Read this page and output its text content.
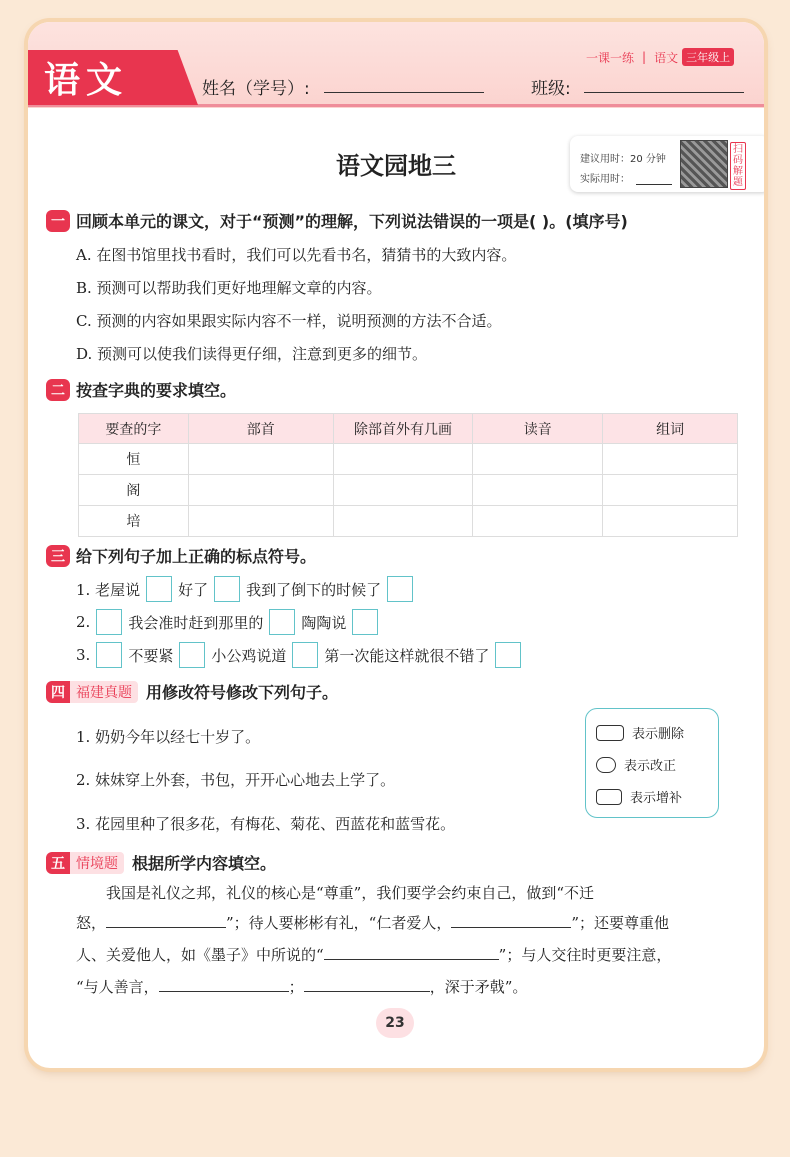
语文
一课一练 | 语文 三年级上
姓名（学号）:	班级:
语文园地三	建议用时：20 分钟
实际用时：
扫码解题
一 回顾本单元的课文，对于“预测”的理解，下列说法错误的一项是( )。(填序号)
A. 在图书馆里找书看时，我们可以先看书名，猜猜书的大致内容。
B. 预测可以帮助我们更好地理解文章的内容。
C. 预测的内容如果跟实际内容不一样，说明预测的方法不合适。
D. 预测可以使我们读得更仔细，注意到更多的细节。
二 按查字典的要求填空。
要查的字	部首	除部首外有几画	读音	组词
恒				
阁				
培				
三 给下列句子加上正确的标点符号。
1. 老屋说	好了	我到了倒下的时候了
2.	我会准时赶到那里的	陶陶说
3.	不要紧	小公鸡说道	第一次能这样就很不错了
四 福建真题 用修改符号修改下列句子。
1. 奶奶今年以经七十岁了。
2. 妹妹穿上外套，书包，开开心心地去上学了。
3. 花园里种了很多花，有梅花、菊花、西蓝花和蓝雪花。
表示删除
表示改正
表示增补
五 情境题 根据所学内容填空。
我国是礼仪之邦，礼仪的核心是“尊重”，我们要学会约束自己，做到“不迁
怒，	”；待人要彬彬有礼，“仁者爱人，	”；还要尊重他
人、关爱他人，如《墨子》中所说的“	”；与人交往时更要注意，
“与人善言，	；	，深于矛戟”。
23
